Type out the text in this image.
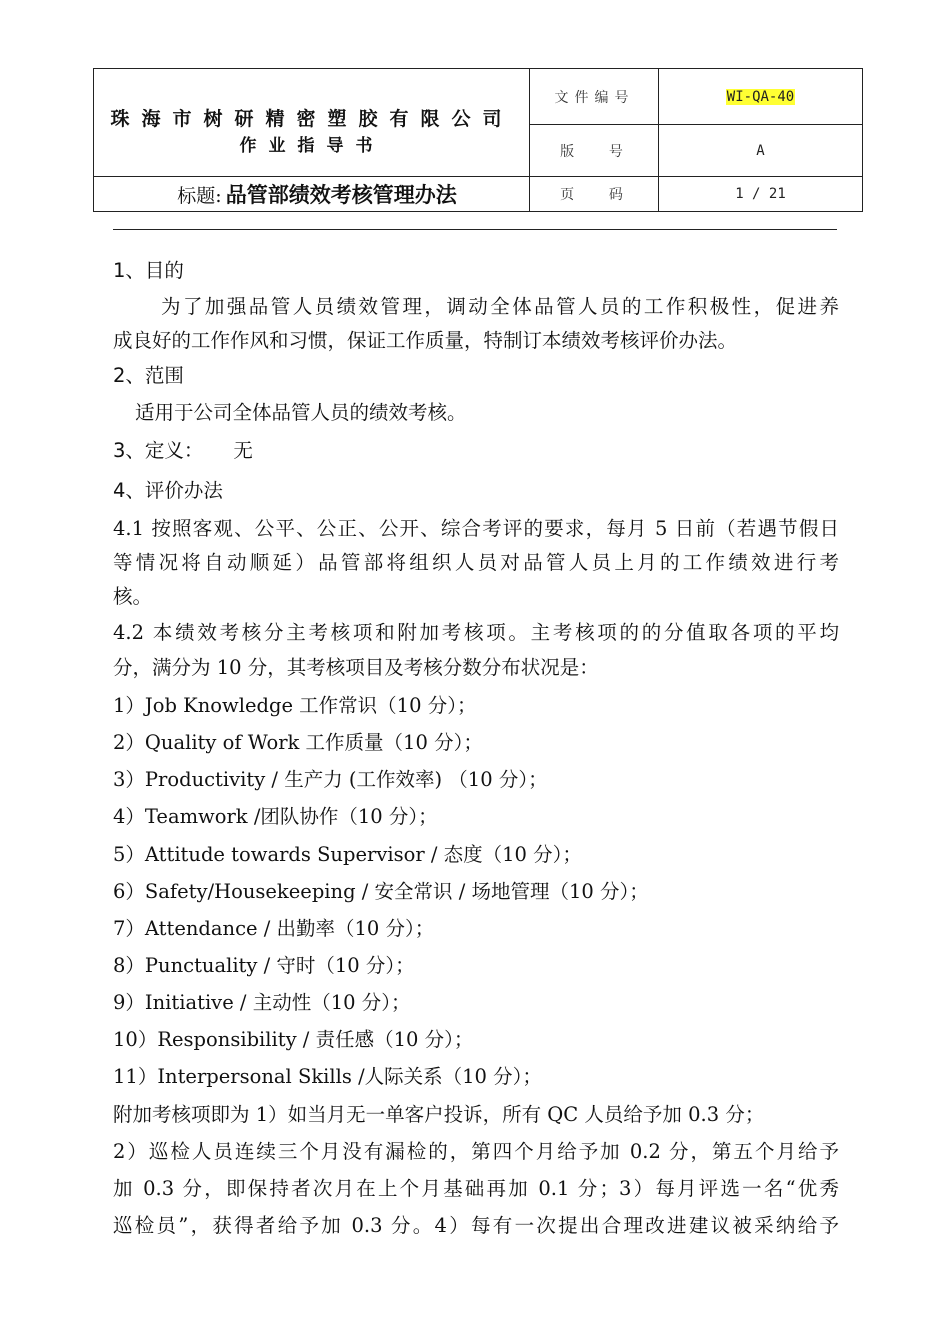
珠海市树研精密塑胶有限公司
作业指导书
标题: 品管部绩效考核管理办法
文件编号	WI-QA-40
版  号	A
页  码	1 / 21
1、目的
为了加强品管人员绩效管理，调动全体品管人员的工作积极性，促进养
成良好的工作作风和习惯，保证工作质量，特制订本绩效考核评价办法。
2、范围
适用于公司全体品管人员的绩效考核。
3、定义： 无
4、评价办法
4.1 按照客观、公平、公正、公开、综合考评的要求，每月 5 日前（若遇节假日
等情况将自动顺延）品管部将组织人员对品管人员上月的工作绩效进行考
核。
4.2 本绩效考核分主考核项和附加考核项。主考核项的的分值取各项的平均
分，满分为 10 分，其考核项目及考核分数分布状况是：
1）Job Knowledge 工作常识（10 分）；
2）Quality of Work 工作质量（10 分）；
3）Productivity / 生产力 (工作效率) （10 分）；
4）Teamwork /团队协作（10 分）；
5）Attitude towards Supervisor / 态度（10 分）；
6）Safety/Housekeeping / 安全常识 / 场地管理（10 分）；
7）Attendance / 出勤率（10 分）；
8）Punctuality / 守时（10 分）；
9）Initiative / 主动性（10 分）；
10）Responsibility / 责任感（10 分）；
11）Interpersonal Skills /人际关系（10 分）；
附加考核项即为 1）如当月无一单客户投诉，所有 QC 人员给予加 0.3 分；
2）巡检人员连续三个月没有漏检的，第四个月给予加 0.2 分，第五个月给予
加 0.3 分，即保持者次月在上个月基础再加 0.1 分；3）每月评选一名“优秀
巡检员”，获得者给予加 0.3 分。4）每有一次提出合理改进建议被采纳给予
